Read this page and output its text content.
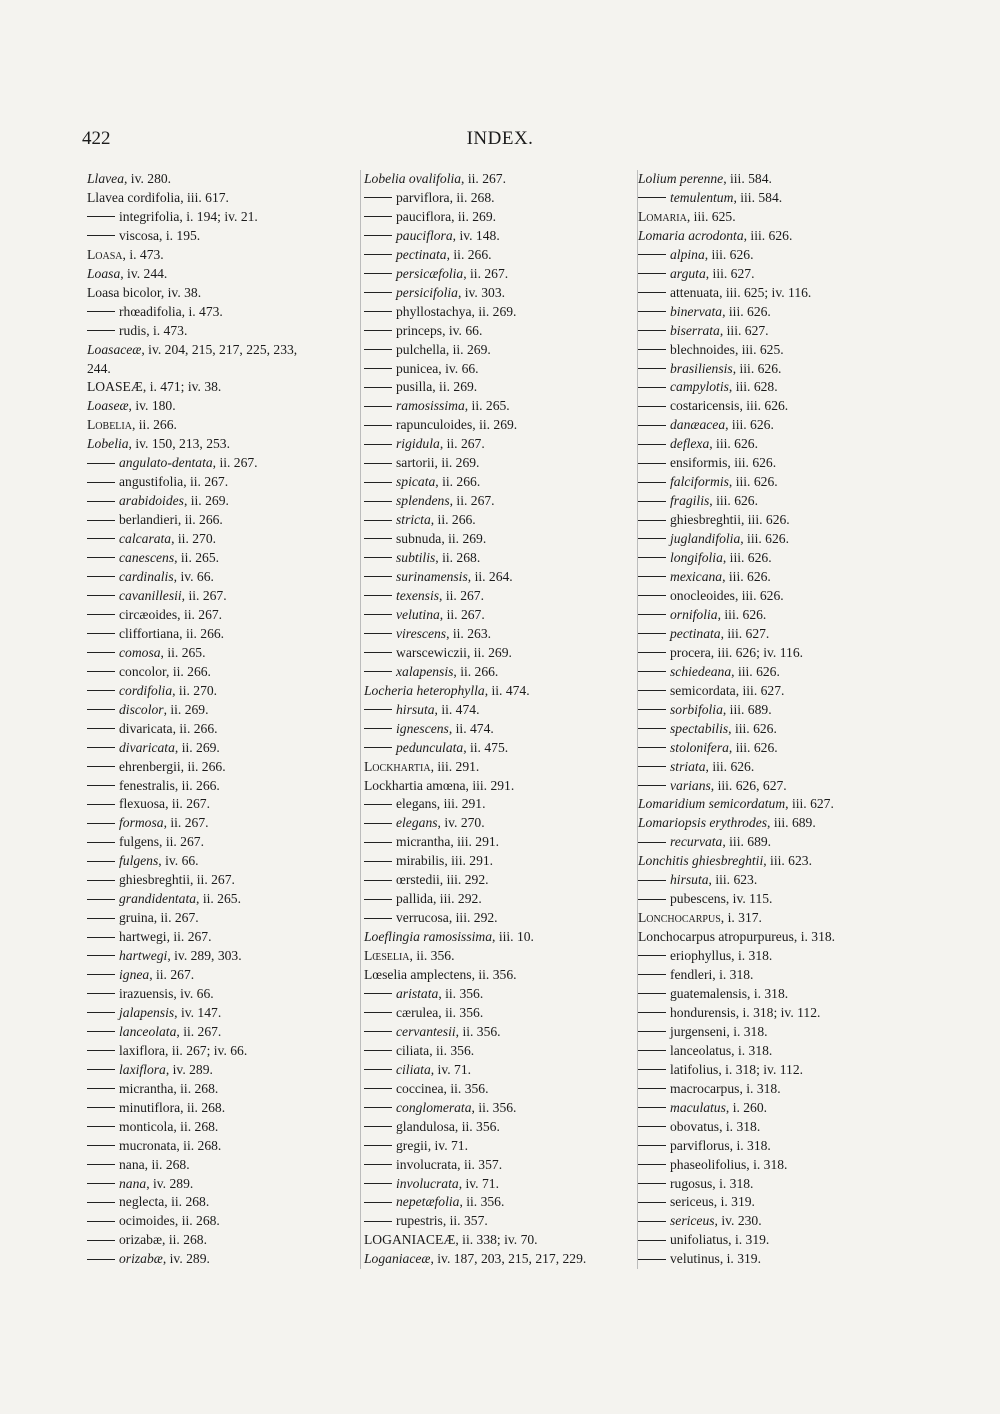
422	INDEX.
Llavea, iv. 280.
Llavea cordifolia, iii. 617.
integrifolia, i. 194; iv. 21.
viscosa, i. 195.
Loasa, i. 473.
Loasa, iv. 244.
Loasa bicolor, iv. 38.
rhœadifolia, i. 473.
rudis, i. 473.
Loasaceæ, iv. 204, 215, 217, 225, 233,
244.
LOASEÆ, i. 471; iv. 38.
Loaseæ, iv. 180.
Lobelia, ii. 266.
Lobelia, iv. 150, 213, 253.
angulato-dentata, ii. 267.
angustifolia, ii. 267.
arabidoides, ii. 269.
berlandieri, ii. 266.
calcarata, ii. 270.
canescens, ii. 265.
cardinalis, iv. 66.
cavanillesii, ii. 267.
circæoides, ii. 267.
cliffortiana, ii. 266.
comosa, ii. 265.
concolor, ii. 266.
cordifolia, ii. 270.
discolor, ii. 269.
divaricata, ii. 266.
divaricata, ii. 269.
ehrenbergii, ii. 266.
fenestralis, ii. 266.
flexuosa, ii. 267.
formosa, ii. 267.
fulgens, ii. 267.
fulgens, iv. 66.
ghiesbreghtii, ii. 267.
grandidentata, ii. 265.
gruina, ii. 267.
hartwegi, ii. 267.
hartwegi, iv. 289, 303.
ignea, ii. 267.
irazuensis, iv. 66.
jalapensis, iv. 147.
lanceolata, ii. 267.
laxiflora, ii. 267; iv. 66.
laxiflora, iv. 289.
micrantha, ii. 268.
minutiflora, ii. 268.
monticola, ii. 268.
mucronata, ii. 268.
nana, ii. 268.
nana, iv. 289.
neglecta, ii. 268.
ocimoides, ii. 268.
orizabæ, ii. 268.
orizabæ, iv. 289.
Lobelia ovalifolia, ii. 267.
parviflora, ii. 268.
pauciflora, ii. 269.
pauciflora, iv. 148.
pectinata, ii. 266.
persicæfolia, ii. 267.
persicifolia, iv. 303.
phyllostachya, ii. 269.
princeps, iv. 66.
pulchella, ii. 269.
punicea, iv. 66.
pusilla, ii. 269.
ramosissima, ii. 265.
rapunculoides, ii. 269.
rigidula, ii. 267.
sartorii, ii. 269.
spicata, ii. 266.
splendens, ii. 267.
stricta, ii. 266.
subnuda, ii. 269.
subtilis, ii. 268.
surinamensis, ii. 264.
texensis, ii. 267.
velutina, ii. 267.
virescens, ii. 263.
warscewiczii, ii. 269.
xalapensis, ii. 266.
Locheria heterophylla, ii. 474.
hirsuta, ii. 474.
ignescens, ii. 474.
pedunculata, ii. 475.
Lockhartia, iii. 291.
Lockhartia amœna, iii. 291.
elegans, iii. 291.
elegans, iv. 270.
micrantha, iii. 291.
mirabilis, iii. 291.
œrstedii, iii. 292.
pallida, iii. 292.
verrucosa, iii. 292.
Loeflingia ramosissima, iii. 10.
Lœselia, ii. 356.
Lœselia amplectens, ii. 356.
aristata, ii. 356.
cærulea, ii. 356.
cervantesii, ii. 356.
ciliata, ii. 356.
ciliata, iv. 71.
coccinea, ii. 356.
conglomerata, ii. 356.
glandulosa, ii. 356.
gregii, iv. 71.
involucrata, ii. 357.
involucrata, iv. 71.
nepetæfolia, ii. 356.
rupestris, ii. 357.
LOGANIACEÆ, ii. 338; iv. 70.
Loganiaceæ, iv. 187, 203, 215, 217, 229.
Lolium perenne, iii. 584.
temulentum, iii. 584.
Lomaria, iii. 625.
Lomaria acrodonta, iii. 626.
alpina, iii. 626.
arguta, iii. 627.
attenuata, iii. 625; iv. 116.
binervata, iii. 626.
biserrata, iii. 627.
blechnoides, iii. 625.
brasiliensis, iii. 626.
campylotis, iii. 628.
costaricensis, iii. 626.
danæacea, iii. 626.
deflexa, iii. 626.
ensiformis, iii. 626.
falciformis, iii. 626.
fragilis, iii. 626.
ghiesbreghtii, iii. 626.
juglandifolia, iii. 626.
longifolia, iii. 626.
mexicana, iii. 626.
onocleoides, iii. 626.
ornifolia, iii. 626.
pectinata, iii. 627.
procera, iii. 626; iv. 116.
schiedeana, iii. 626.
semicordata, iii. 627.
sorbifolia, iii. 689.
spectabilis, iii. 626.
stolonifera, iii. 626.
striata, iii. 626.
varians, iii. 626, 627.
Lomaridium semicordatum, iii. 627.
Lomariopsis erythrodes, iii. 689.
recurvata, iii. 689.
Lonchitis ghiesbreghtii, iii. 623.
hirsuta, iii. 623.
pubescens, iv. 115.
Lonchocarpus, i. 317.
Lonchocarpus atropurpureus, i. 318.
eriophyllus, i. 318.
fendleri, i. 318.
guatemalensis, i. 318.
hondurensis, i. 318; iv. 112.
jurgenseni, i. 318.
lanceolatus, i. 318.
latifolius, i. 318; iv. 112.
macrocarpus, i. 318.
maculatus, i. 260.
obovatus, i. 318.
parviflorus, i. 318.
phaseolifolius, i. 318.
rugosus, i. 318.
sericeus, i. 319.
sericeus, iv. 230.
unifoliatus, i. 319.
velutinus, i. 319.
